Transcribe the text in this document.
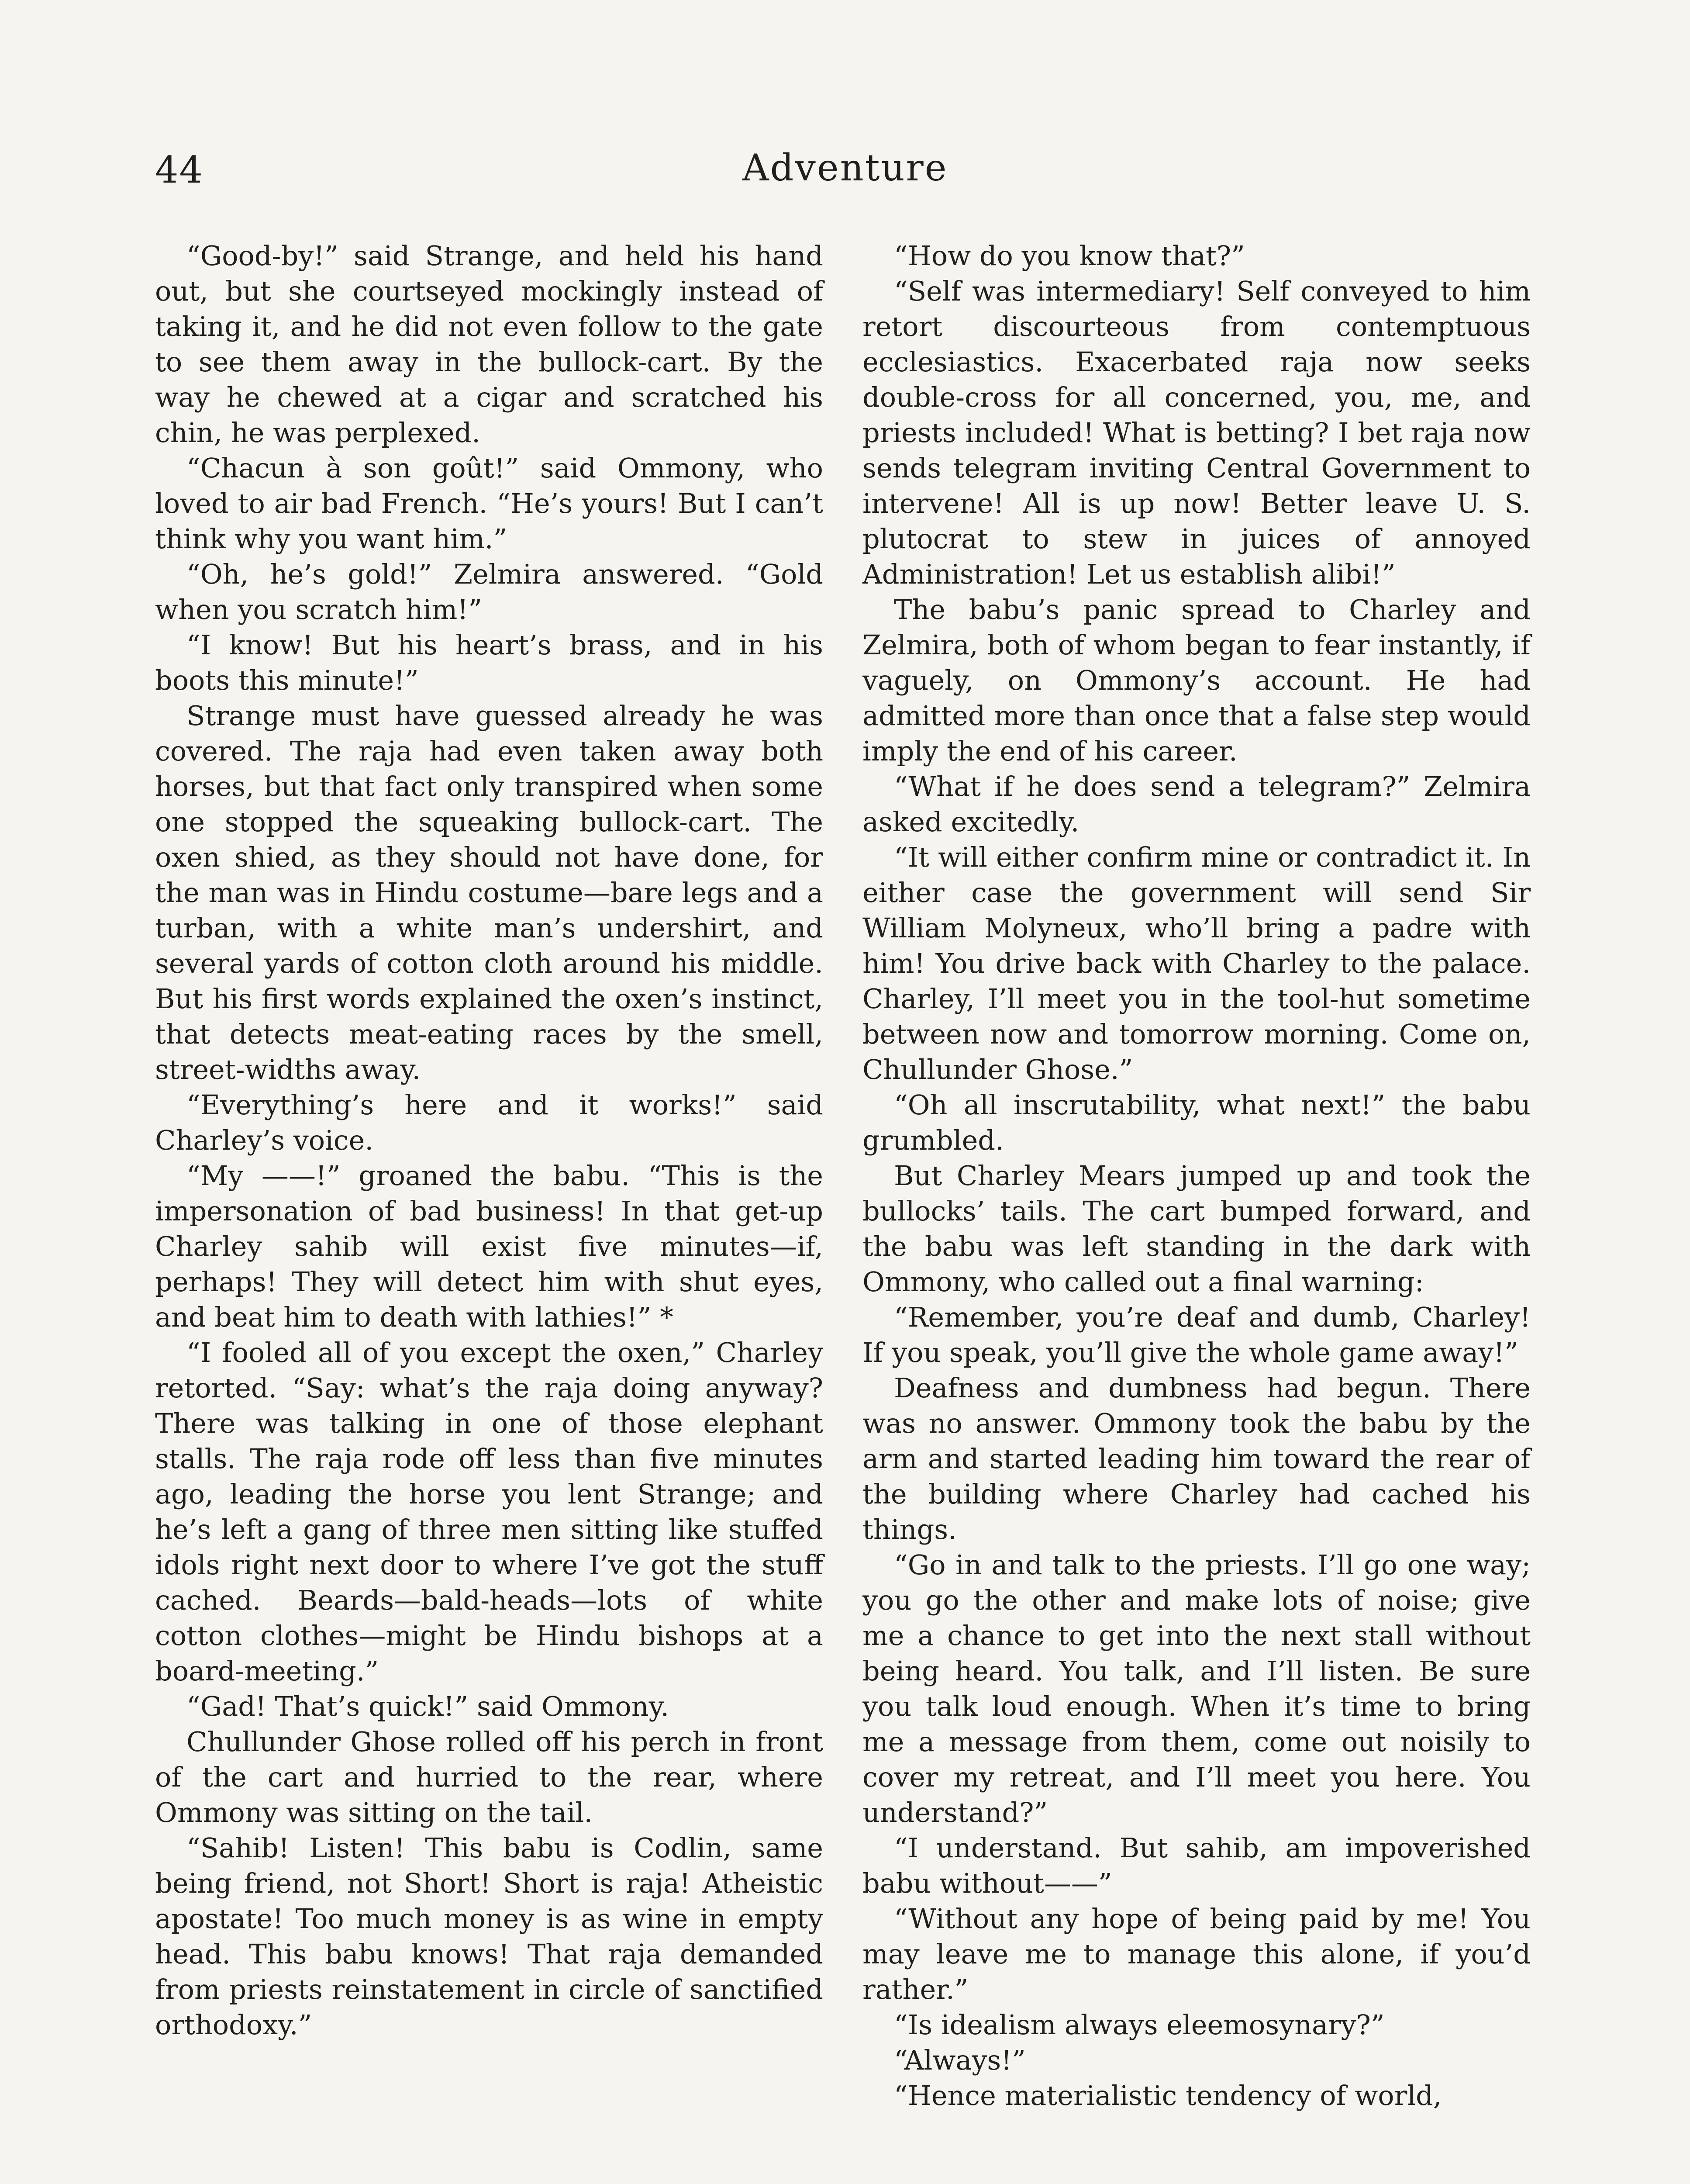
44	Adventure

“Good-by!” said Strange, and held his hand out, but she courtseyed mockingly instead of taking it, and he did not even follow to the gate to see them away in the bullock-cart. By the way he chewed at a cigar and scratched his chin, he was perplexed.

“Chacun à son goût!” said Ommony, who loved to air bad French. “He’s yours! But I can’t think why you want him.”

“Oh, he’s gold!” Zelmira answered. “Gold when you scratch him!”

“I know! But his heart’s brass, and in his boots this minute!”

Strange must have guessed already he was covered. The raja had even taken away both horses, but that fact only transpired when some one stopped the squeaking bullock-cart. The oxen shied, as they should not have done, for the man was in Hindu costume—bare legs and a turban, with a white man’s undershirt, and several yards of cotton cloth around his middle. But his first words explained the oxen’s instinct, that detects meat-eating races by the smell, street-widths away.

“Everything’s here and it works!” said Charley’s voice.

“My ——!” groaned the babu. “This is the impersonation of bad business! In that get-up Charley sahib will exist five minutes—if, perhaps! They will detect him with shut eyes, and beat him to death with lathies!” *

“I fooled all of you except the oxen,” Charley retorted. “Say: what’s the raja doing anyway? There was talking in one of those elephant stalls. The raja rode off less than five minutes ago, leading the horse you lent Strange; and he’s left a gang of three men sitting like stuffed idols right next door to where I’ve got the stuff cached. Beards—bald-heads—lots of white cotton clothes—might be Hindu bishops at a board-meeting.”

“Gad! That’s quick!” said Ommony.

Chullunder Ghose rolled off his perch in front of the cart and hurried to the rear, where Ommony was sitting on the tail.

“Sahib! Listen! This babu is Codlin, same being friend, not Short! Short is raja! Atheistic apostate! Too much money is as wine in empty head. This babu knows! That raja demanded from priests reinstatement in circle of sanctified orthodoxy.”

“How do you know that?”

“Self was intermediary! Self conveyed to him retort discourteous from contemptuous ecclesiastics. Exacerbated raja now seeks double-cross for all concerned, you, me, and priests included! What is betting? I bet raja now sends telegram inviting Central Government to intervene! All is up now! Better leave U. S. plutocrat to stew in juices of annoyed Administration! Let us establish alibi!”

The babu’s panic spread to Charley and Zelmira, both of whom began to fear instantly, if vaguely, on Ommony’s account. He had admitted more than once that a false step would imply the end of his career.

“What if he does send a telegram?” Zelmira asked excitedly.

“It will either confirm mine or contradict it. In either case the government will send Sir William Molyneux, who’ll bring a padre with him! You drive back with Charley to the palace. Charley, I’ll meet you in the tool-hut sometime between now and tomorrow morning. Come on, Chullunder Ghose.”

“Oh all inscrutability, what next!” the babu grumbled.

But Charley Mears jumped up and took the bullocks’ tails. The cart bumped forward, and the babu was left standing in the dark with Ommony, who called out a final warning:

“Remember, you’re deaf and dumb, Charley! If you speak, you’ll give the whole game away!”

Deafness and dumbness had begun. There was no answer. Ommony took the babu by the arm and started leading him toward the rear of the building where Charley had cached his things.

“Go in and talk to the priests. I’ll go one way; you go the other and make lots of noise; give me a chance to get into the next stall without being heard. You talk, and I’ll listen. Be sure you talk loud enough. When it’s time to bring me a message from them, come out noisily to cover my retreat, and I’ll meet you here. You understand?”

“I understand. But sahib, am impoverished babu without——”

“Without any hope of being paid by me! You may leave me to manage this alone, if you’d rather.”

“Is idealism always eleemosynary?”

“Always!”

“Hence materialistic tendency of world,
